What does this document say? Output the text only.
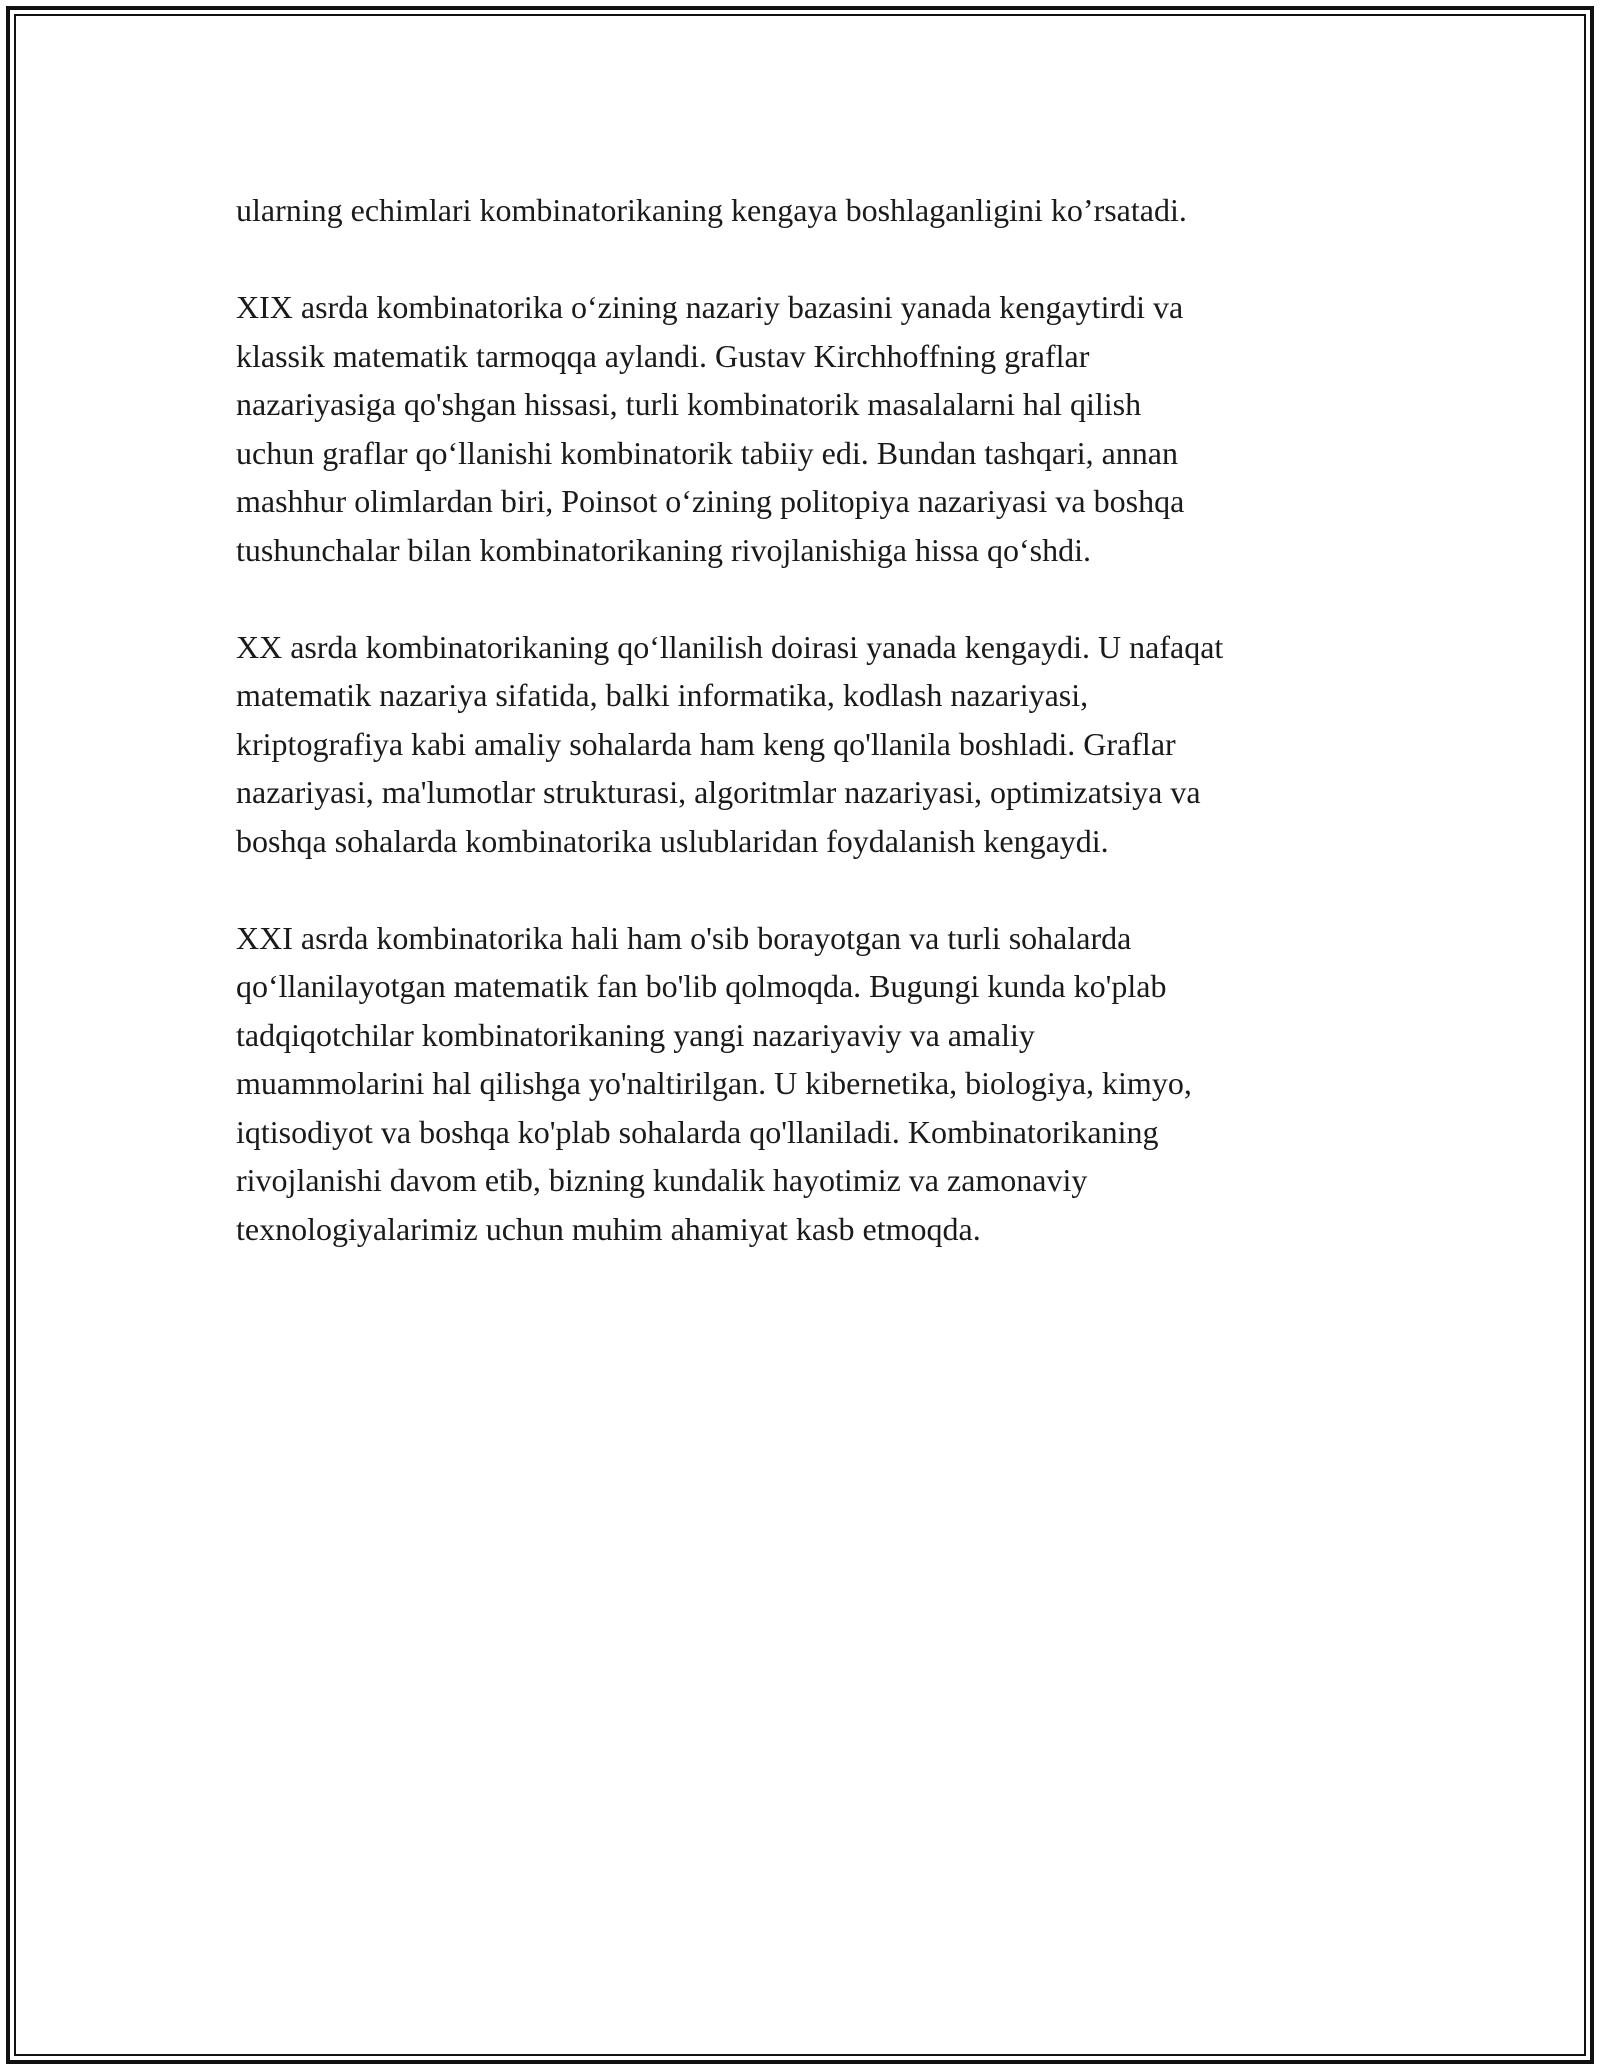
ularning echimlari kombinatorikaning kengaya boshlaganligini ko’rsatadi.

XIX asrda kombinatorika o‘zining nazariy bazasini yanada kengaytirdi va
klassik matematik tarmoqqa aylandi. Gustav Kirchhoffning graflar
nazariyasiga qo'shgan hissasi, turli kombinatorik masalalarni hal qilish
uchun graflar qo‘llanishi kombinatorik tabiiy edi. Bundan tashqari, annan
mashhur olimlardan biri, Poinsot o‘zining politopiya nazariyasi va boshqa
tushunchalar bilan kombinatorikaning rivojlanishiga hissa qo‘shdi.

XX asrda kombinatorikaning qo‘llanilish doirasi yanada kengaydi. U nafaqat
matematik nazariya sifatida, balki informatika, kodlash nazariyasi,
kriptografiya kabi amaliy sohalarda ham keng qo'llanila boshladi. Graflar
nazariyasi, ma'lumotlar strukturasi, algoritmlar nazariyasi, optimizatsiya va
boshqa sohalarda kombinatorika uslublaridan foydalanish kengaydi.

XXI asrda kombinatorika hali ham o'sib borayotgan va turli sohalarda
qo‘llanilayotgan matematik fan bo'lib qolmoqda. Bugungi kunda ko'plab
tadqiqotchilar kombinatorikaning yangi nazariyaviy va amaliy
muammolarini hal qilishga yo'naltirilgan. U kibernetika, biologiya, kimyo,
iqtisodiyot va boshqa ko'plab sohalarda qo'llaniladi. Kombinatorikaning
rivojlanishi davom etib, bizning kundalik hayotimiz va zamonaviy
texnologiyalarimiz uchun muhim ahamiyat kasb etmoqda.
